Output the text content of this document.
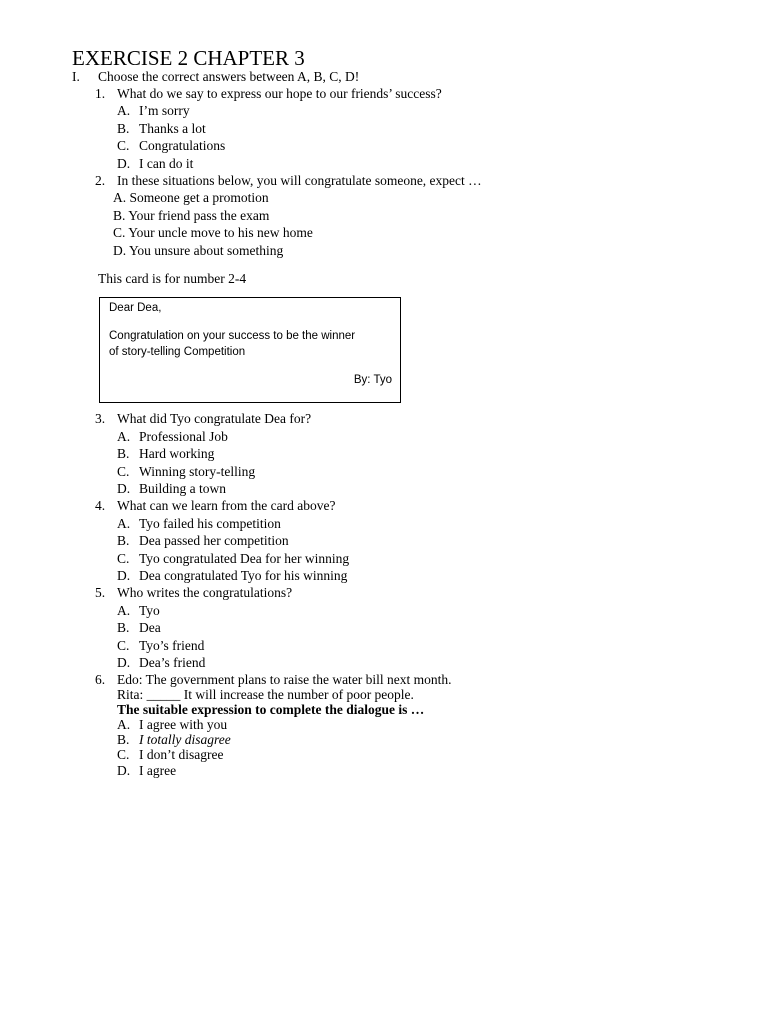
EXERCISE 2 CHAPTER 3
I. Choose the correct answers between A, B, C, D!
1. What do we say to express our hope to our friends’ success?
A. I’m sorry
B. Thanks a lot
C. Congratulations
D. I can do it
2. In these situations below, you will congratulate someone, expect …
A. Someone get a promotion
B. Your friend pass the exam
C. Your uncle move to his new home
D. You unsure about something
This card is for number 2-4
Dear Dea,
Congratulation on your success to be the winner
of story-telling Competition
By: Tyo
3. What did Tyo congratulate Dea for?
A. Professional Job
B. Hard working
C. Winning story-telling
D. Building a town
4. What can we learn from the card above?
A. Tyo failed his competition
B. Dea passed her competition
C. Tyo congratulated Dea for her winning
D. Dea congratulated Tyo for his winning
5. Who writes the congratulations?
A. Tyo
B. Dea
C. Tyo’s friend
D. Dea’s friend
6. Edo: The government plans to raise the water bill next month.
Rita: _____ It will increase the number of poor people.
The suitable expression to complete the dialogue is …
A. I agree with you
B. I totally disagree
C. I don’t disagree
D. I agree
